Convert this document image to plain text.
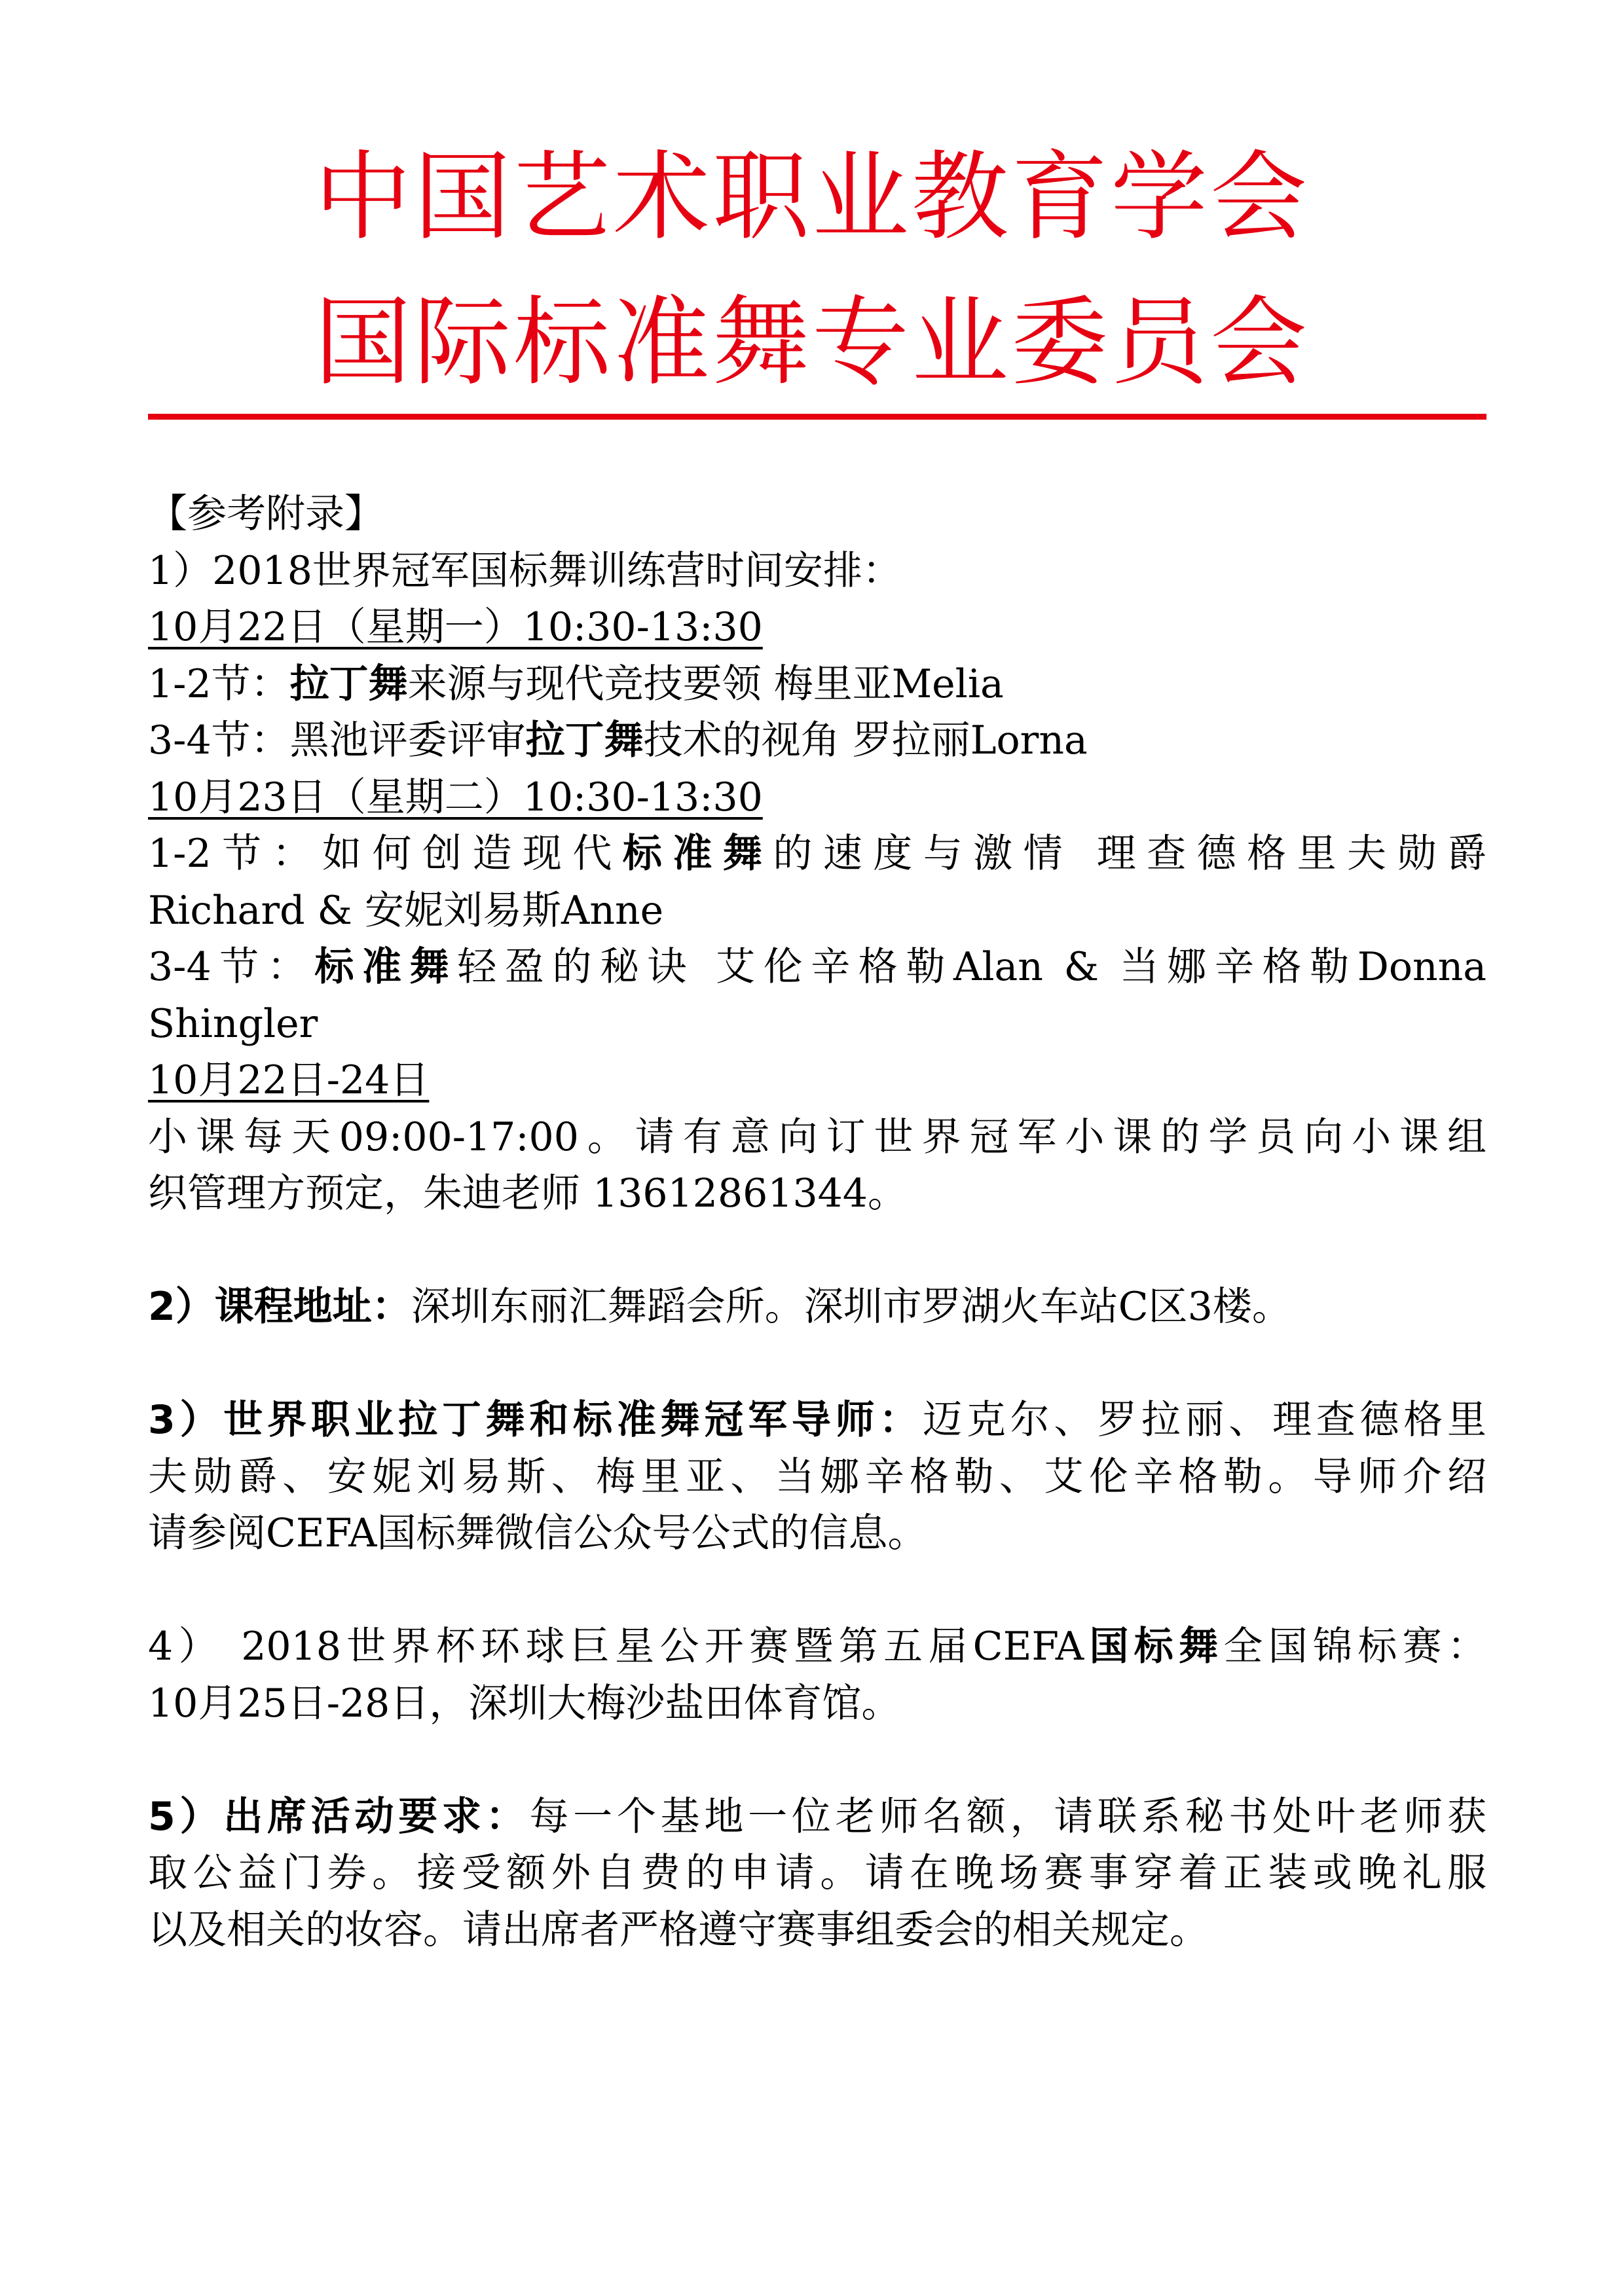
中国艺术职业教育学会
国际标准舞专业委员会
【参考附录】
1）2018世界冠军国标舞训练营时间安排：
10月22日（星期一）10:30-13:30
1-2节：拉丁舞来源与现代竞技要领 梅里亚Melia
3-4节：黑池评委评审拉丁舞技术的视角 罗拉丽Lorna
10月23日（星期二）10:30-13:30
1-2节：如何创造现代标准舞的速度与激情 理查德格里夫勋爵
Richard & 安妮刘易斯Anne
3-4节：标准舞轻盈的秘诀 艾伦辛格勒Alan & 当娜辛格勒Donna
Shingler
10月22日-24日
小课每天09:00-17:00。请有意向订世界冠军小课的学员向小课组
织管理方预定，朱迪老师 13612861344。
2）课程地址：深圳东丽汇舞蹈会所。深圳市罗湖火车站C区3楼。
3）世界职业拉丁舞和标准舞冠军导师：迈克尔、罗拉丽、理查德格里
夫勋爵、安妮刘易斯、梅里亚、当娜辛格勒、艾伦辛格勒。导师介绍
请参阅CEFA国标舞微信公众号公式的信息。
4） 2018世界杯环球巨星公开赛暨第五届CEFA国标舞全国锦标赛：
10月25日-28日，深圳大梅沙盐田体育馆。
5）出席活动要求：每一个基地一位老师名额，请联系秘书处叶老师获
取公益门券。接受额外自费的申请。请在晚场赛事穿着正装或晚礼服
以及相关的妆容。请出席者严格遵守赛事组委会的相关规定。
